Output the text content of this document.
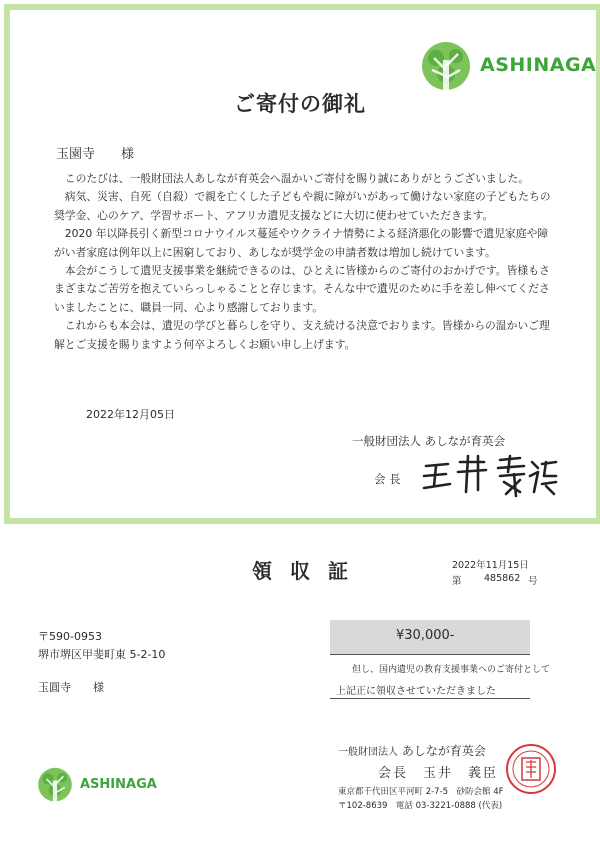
ASHINAGA
ご寄付の御礼
玉園寺　　様

このたびは、一般財団法人あしなが育英会へ温かいご寄付を賜り誠にありがとうございました。

病気、災害、自死（自殺）で親を亡くした子どもや親に障がいがあって働けない家庭の子どもたちの奨学金、心のケア、学習サポート、アフリカ遺児支援などに大切に使わせていただきます。

2020 年以降長引く新型コロナウイルス蔓延やウクライナ情勢による経済悪化の影響で遺児家庭や障がい者家庭は例年以上に困窮しており、あしなが奨学金の申請者数は増加し続けています。

本会がこうして遺児支援事業を継続できるのは、ひとえに皆様からのご寄付のおかげです。皆様もさまざまなご苦労を抱えていらっしゃることと存じます。そんな中で遺児のために手を差し伸べてくださいましたことに、職員一同、心より感謝しております。

これからも本会は、遺児の学びと暮らしを守り、支え続ける決意でおります。皆様からの温かいご理解とご支援を賜りますよう何卒よろしくお願い申し上げます。

2022年12月05日
一般財団法人 あしなが育英会
会 長
領収証	2022年11月15日
第 485862 号
〒590-0953
堺市堺区甲斐町東 5-2-10
玉圓寺　　様
¥30,000-
但し、国内遺児の教育支援事業へのご寄付として
上記正に領収させていただきました
ASHINAGA
一般財団法人 あしなが育英会
会長　玉井　義臣
東京都千代田区平河町 2-7-5　砂防会館 4F
〒102-8639　電話 03-3221-0888 (代表)
